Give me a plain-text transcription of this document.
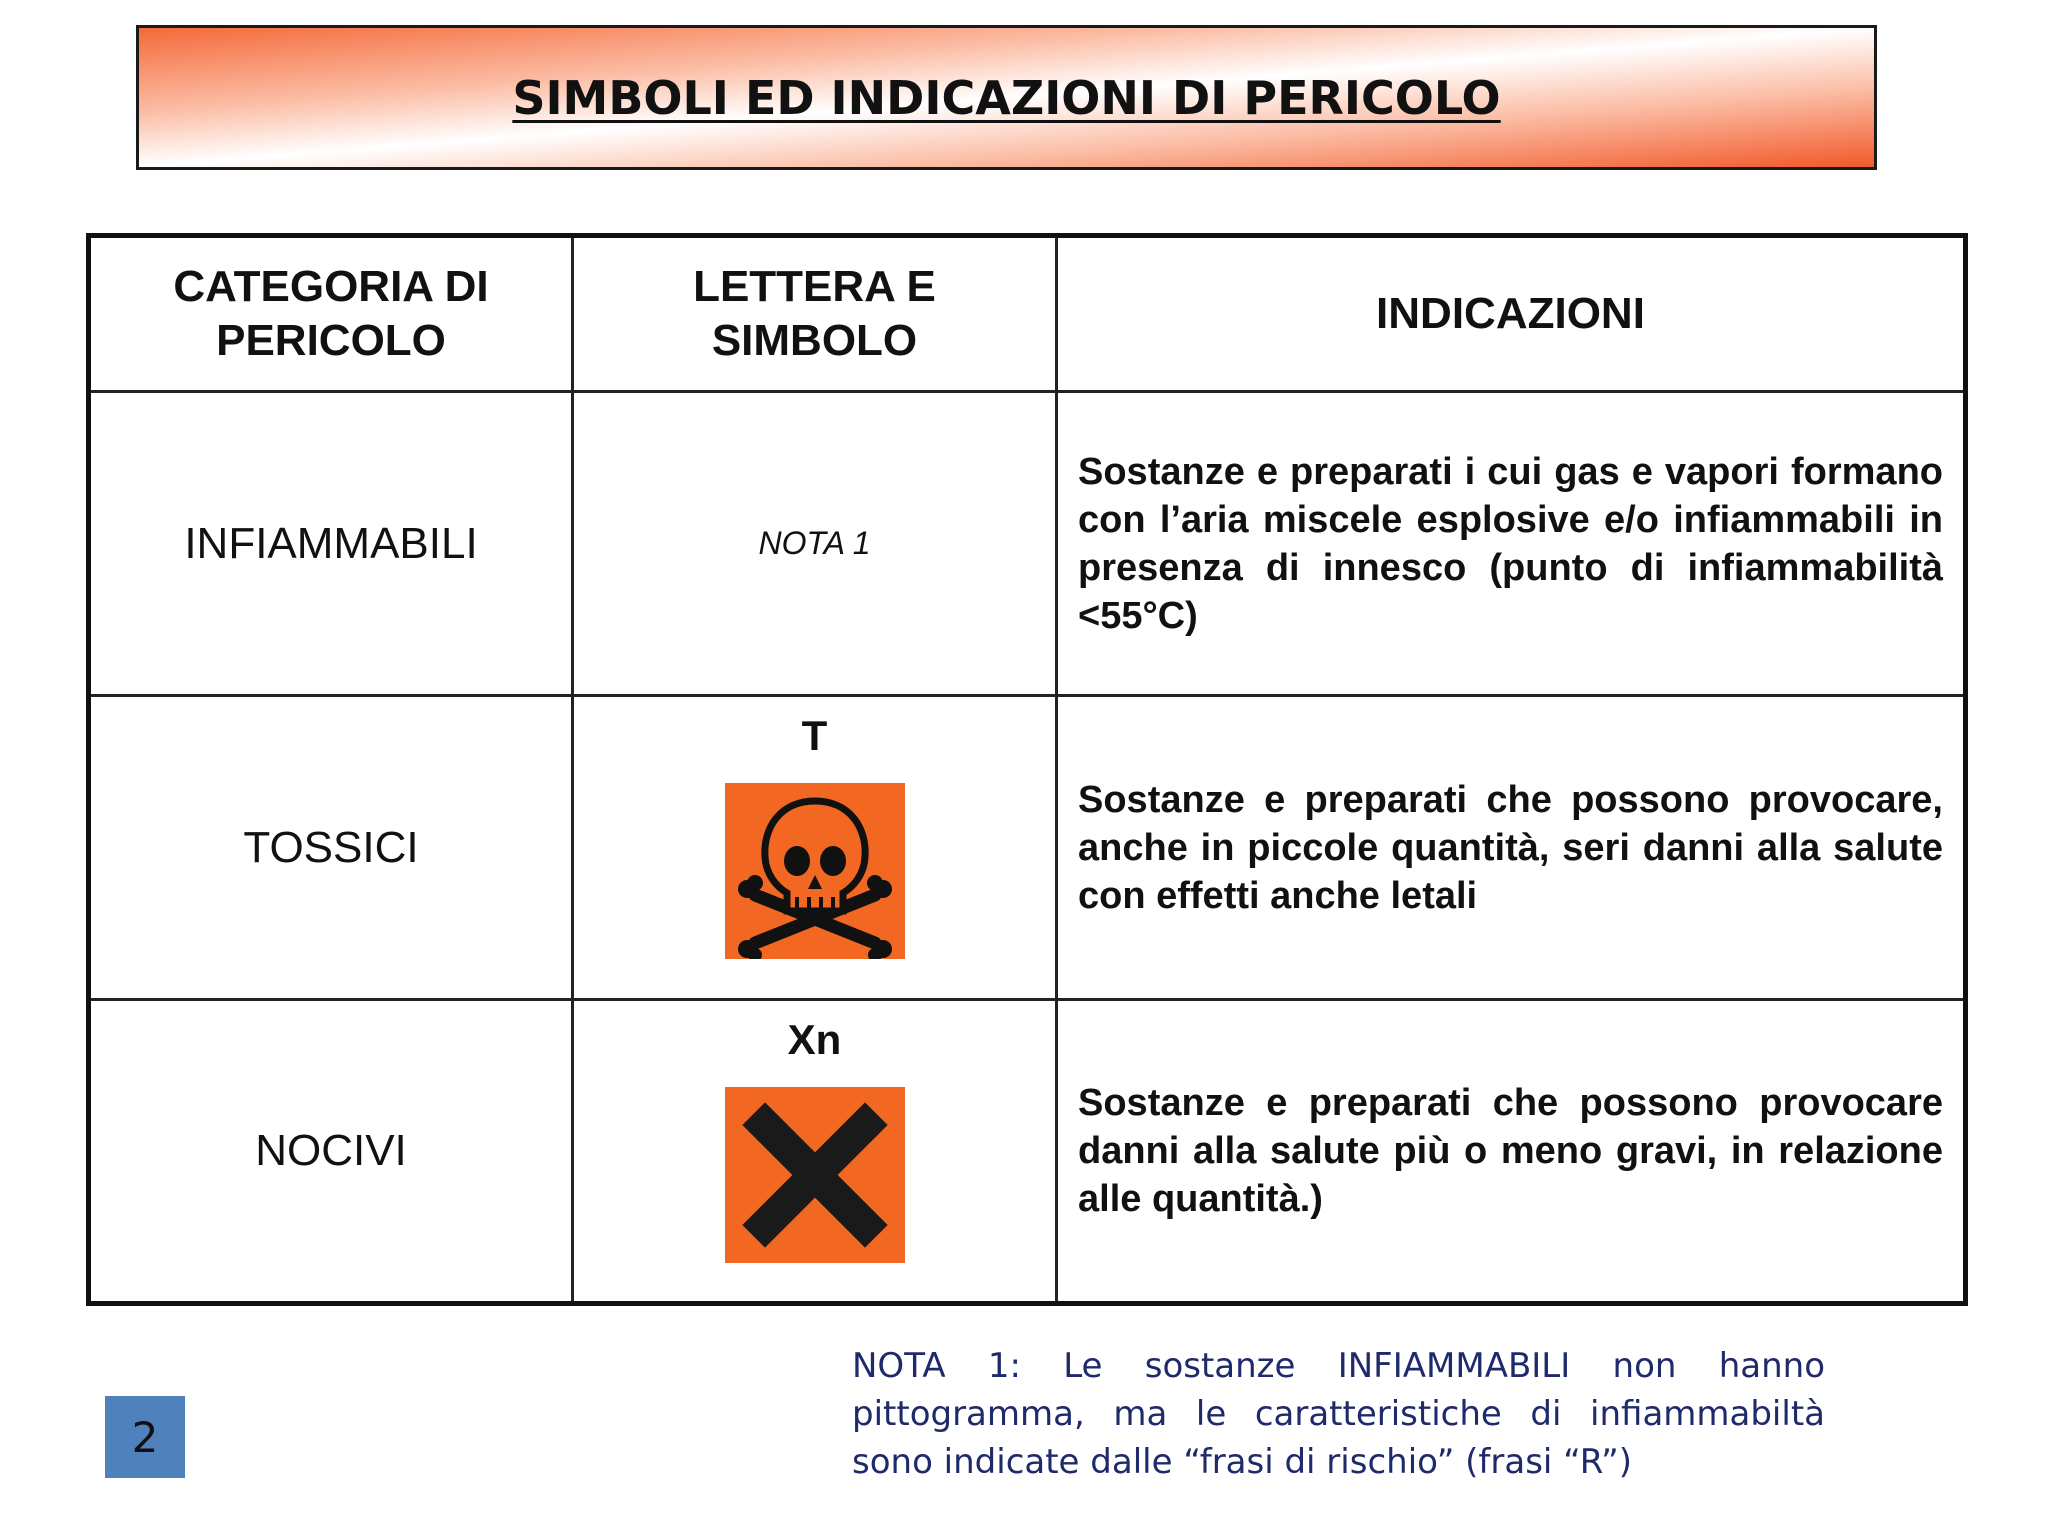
SIMBOLI ED INDICAZIONI DI PERICOLO
CATEGORIA DI PERICOLO	LETTERA E SIMBOLO	INDICAZIONI
INFIAMMABILI	NOTA 1	Sostanze e preparati i cui gas e vapori formano con l’aria miscele esplosive e/o infiammabili in presenza di innesco (punto di infiammabilità <55°C)

TOSSICI	T	Sostanze e preparati che possono provocare, anche in piccole quantità, seri danni alla salute con effetti anche letali

NOCIVI	Xn	Sostanze e preparati che possono provocare danni alla salute più o meno gravi, in relazione alle quantità.)
2
NOTA 1: Le sostanze INFIAMMABILI non hanno pittogramma, ma le caratteristiche di infiammabiltà sono indicate dalle “frasi di rischio” (frasi “R”)
